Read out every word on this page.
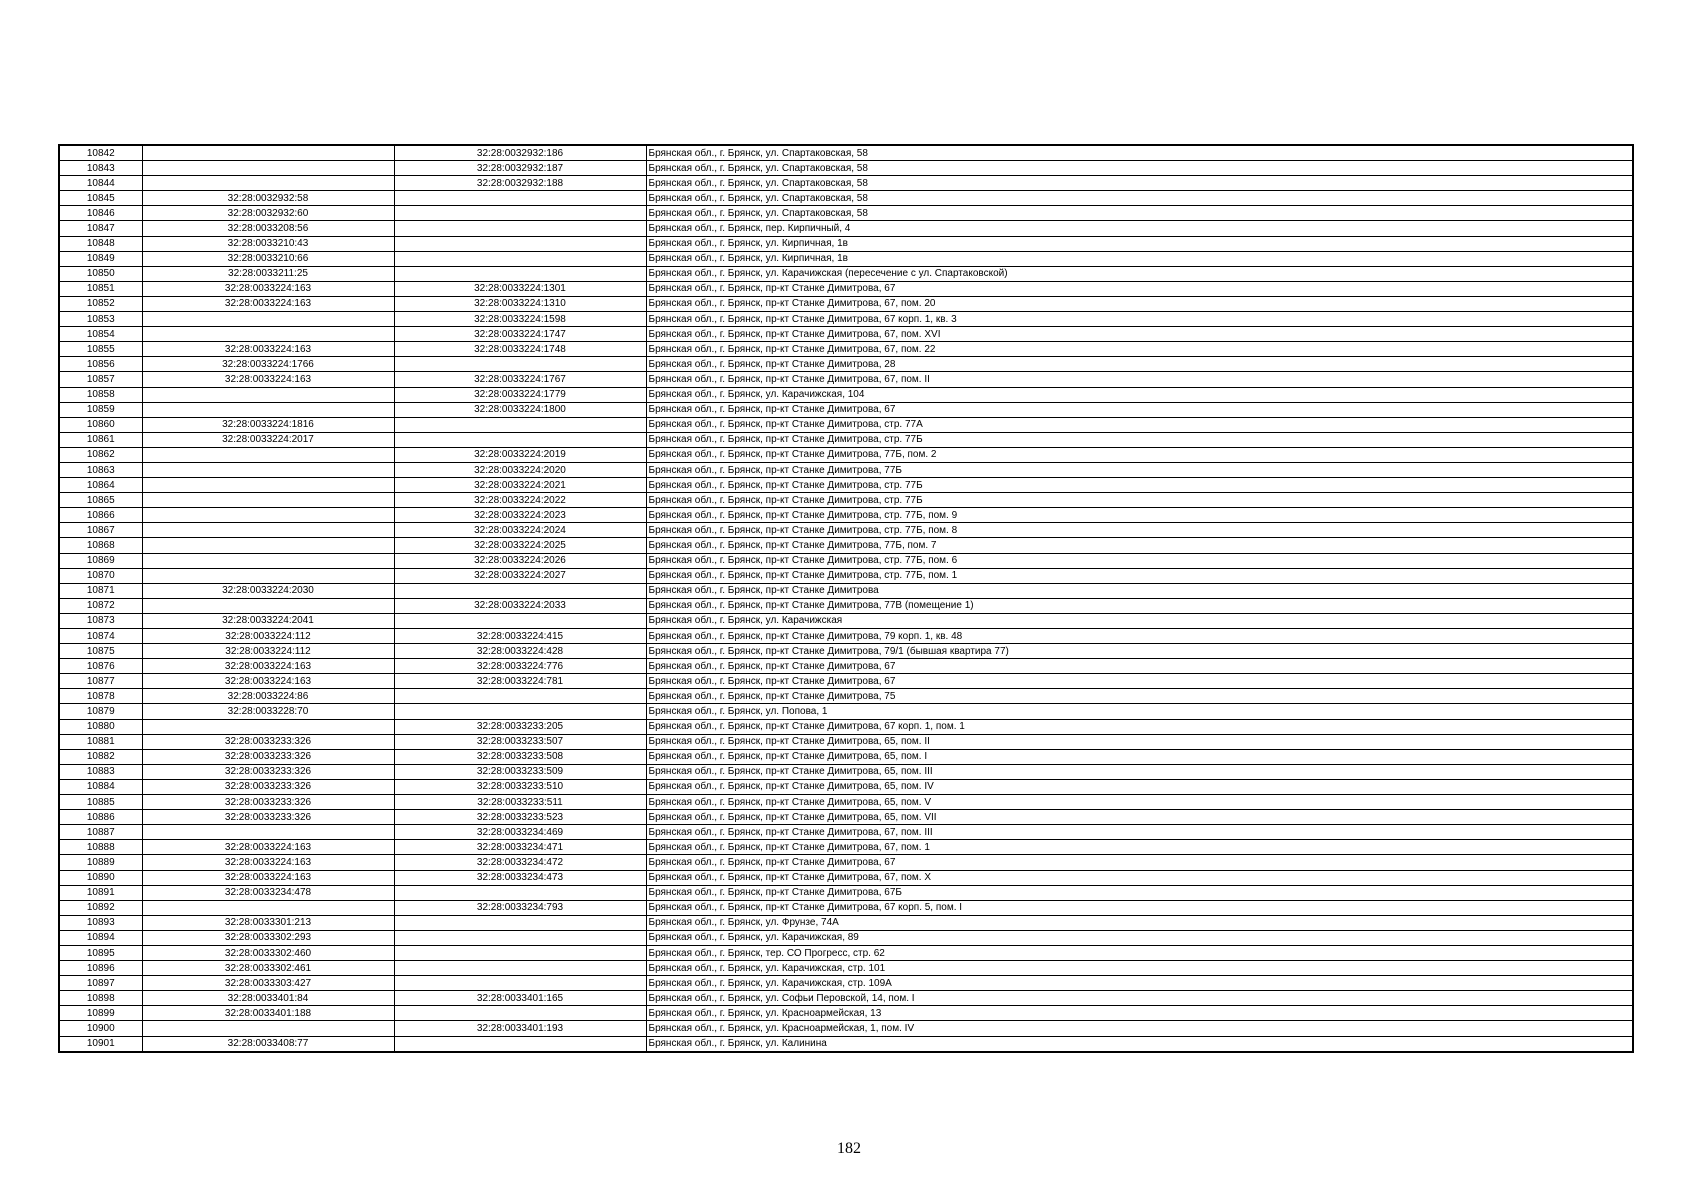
10842		32:28:0032932:186	Брянская обл., г. Брянск, ул. Спартаковская, 58
10843		32:28:0032932:187	Брянская обл., г. Брянск, ул. Спартаковская, 58
10844		32:28:0032932:188	Брянская обл., г. Брянск, ул. Спартаковская, 58
10845	32:28:0032932:58		Брянская обл., г. Брянск, ул. Спартаковская, 58
10846	32:28:0032932:60		Брянская обл., г. Брянск, ул. Спартаковская, 58
10847	32:28:0033208:56		Брянская обл., г. Брянск, пер. Кирпичный, 4
10848	32:28:0033210:43		Брянская обл., г. Брянск, ул. Кирпичная, 1в
10849	32:28:0033210:66		Брянская обл., г. Брянск, ул. Кирпичная, 1в
10850	32:28:0033211:25		Брянская обл., г. Брянск, ул. Карачижская (пересечение с ул. Спартаковской)
10851	32:28:0033224:163	32:28:0033224:1301	Брянская обл., г. Брянск, пр-кт Станке Димитрова, 67
10852	32:28:0033224:163	32:28:0033224:1310	Брянская обл., г. Брянск, пр-кт Станке Димитрова, 67, пом. 20
10853		32:28:0033224:1598	Брянская обл., г. Брянск, пр-кт Станке Димитрова, 67 корп. 1, кв. 3
10854		32:28:0033224:1747	Брянская обл., г. Брянск, пр-кт Станке Димитрова, 67, пом. XVI
10855	32:28:0033224:163	32:28:0033224:1748	Брянская обл., г. Брянск, пр-кт Станке Димитрова, 67, пом. 22
10856	32:28:0033224:1766		Брянская обл., г. Брянск, пр-кт Станке Димитрова, 28
10857	32:28:0033224:163	32:28:0033224:1767	Брянская обл., г. Брянск, пр-кт Станке Димитрова, 67, пом. II
10858		32:28:0033224:1779	Брянская обл., г. Брянск, ул. Карачижская, 104
10859		32:28:0033224:1800	Брянская обл., г. Брянск, пр-кт Станке Димитрова, 67
10860	32:28:0033224:1816		Брянская обл., г. Брянск, пр-кт Станке Димитрова, стр. 77А
10861	32:28:0033224:2017		Брянская обл., г. Брянск, пр-кт Станке Димитрова, стр. 77Б
10862		32:28:0033224:2019	Брянская обл., г. Брянск, пр-кт Станке Димитрова, 77Б, пом. 2
10863		32:28:0033224:2020	Брянская обл., г. Брянск, пр-кт Станке Димитрова, 77Б
10864		32:28:0033224:2021	Брянская обл., г. Брянск, пр-кт Станке Димитрова, стр. 77Б
10865		32:28:0033224:2022	Брянская обл., г. Брянск, пр-кт Станке Димитрова, стр. 77Б
10866		32:28:0033224:2023	Брянская обл., г. Брянск, пр-кт Станке Димитрова, стр. 77Б, пом. 9
10867		32:28:0033224:2024	Брянская обл., г. Брянск, пр-кт Станке Димитрова, стр. 77Б, пом. 8
10868		32:28:0033224:2025	Брянская обл., г. Брянск, пр-кт Станке Димитрова, 77Б, пом. 7
10869		32:28:0033224:2026	Брянская обл., г. Брянск, пр-кт Станке Димитрова, стр. 77Б, пом. 6
10870		32:28:0033224:2027	Брянская обл., г. Брянск, пр-кт Станке Димитрова, стр. 77Б, пом. 1
10871	32:28:0033224:2030		Брянская обл., г. Брянск, пр-кт Станке Димитрова
10872		32:28:0033224:2033	Брянская обл., г. Брянск, пр-кт Станке Димитрова, 77В (помещение 1)
10873	32:28:0033224:2041		Брянская обл., г. Брянск, ул. Карачижская
10874	32:28:0033224:112	32:28:0033224:415	Брянская обл., г. Брянск, пр-кт Станке Димитрова, 79 корп. 1, кв. 48
10875	32:28:0033224:112	32:28:0033224:428	Брянская обл., г. Брянск, пр-кт Станке Димитрова, 79/1 (бывшая квартира 77)
10876	32:28:0033224:163	32:28:0033224:776	Брянская обл., г. Брянск, пр-кт Станке Димитрова, 67
10877	32:28:0033224:163	32:28:0033224:781	Брянская обл., г. Брянск, пр-кт Станке Димитрова, 67
10878	32:28:0033224:86		Брянская обл., г. Брянск, пр-кт Станке Димитрова, 75
10879	32:28:0033228:70		Брянская обл., г. Брянск, ул. Попова, 1
10880		32:28:0033233:205	Брянская обл., г. Брянск, пр-кт Станке Димитрова, 67 корп. 1, пом. 1
10881	32:28:0033233:326	32:28:0033233:507	Брянская обл., г. Брянск, пр-кт Станке Димитрова, 65, пом. II
10882	32:28:0033233:326	32:28:0033233:508	Брянская обл., г. Брянск, пр-кт Станке Димитрова, 65, пом. I
10883	32:28:0033233:326	32:28:0033233:509	Брянская обл., г. Брянск, пр-кт Станке Димитрова, 65, пом. III
10884	32:28:0033233:326	32:28:0033233:510	Брянская обл., г. Брянск, пр-кт Станке Димитрова, 65, пом. IV
10885	32:28:0033233:326	32:28:0033233:511	Брянская обл., г. Брянск, пр-кт Станке Димитрова, 65, пом. V
10886	32:28:0033233:326	32:28:0033233:523	Брянская обл., г. Брянск, пр-кт Станке Димитрова, 65, пом. VII
10887		32:28:0033234:469	Брянская обл., г. Брянск, пр-кт Станке Димитрова, 67, пом. III
10888	32:28:0033224:163	32:28:0033234:471	Брянская обл., г. Брянск, пр-кт Станке Димитрова, 67, пом. 1
10889	32:28:0033224:163	32:28:0033234:472	Брянская обл., г. Брянск, пр-кт Станке Димитрова, 67
10890	32:28:0033224:163	32:28:0033234:473	Брянская обл., г. Брянск, пр-кт Станке Димитрова, 67, пом. X
10891	32:28:0033234:478		Брянская обл., г. Брянск, пр-кт Станке Димитрова, 67Б
10892		32:28:0033234:793	Брянская обл., г. Брянск, пр-кт Станке Димитрова, 67 корп. 5, пом. I
10893	32:28:0033301:213		Брянская обл., г. Брянск, ул. Фрунзе, 74А
10894	32:28:0033302:293		Брянская обл., г. Брянск, ул. Карачижская, 89
10895	32:28:0033302:460		Брянская обл., г. Брянск, тер. СО Прогресс, стр. 62
10896	32:28:0033302:461		Брянская обл., г. Брянск, ул. Карачижская, стр. 101
10897	32:28:0033303:427		Брянская обл., г. Брянск, ул. Карачижская, стр. 109А
10898	32:28:0033401:84	32:28:0033401:165	Брянская обл., г. Брянск, ул. Софьи Перовской, 14, пом. I
10899	32:28:0033401:188		Брянская обл., г. Брянск, ул. Красноармейская, 13
10900		32:28:0033401:193	Брянская обл., г. Брянск, ул. Красноармейская, 1, пом. IV
10901	32:28:0033408:77		Брянская обл., г. Брянск, ул. Калинина
182
